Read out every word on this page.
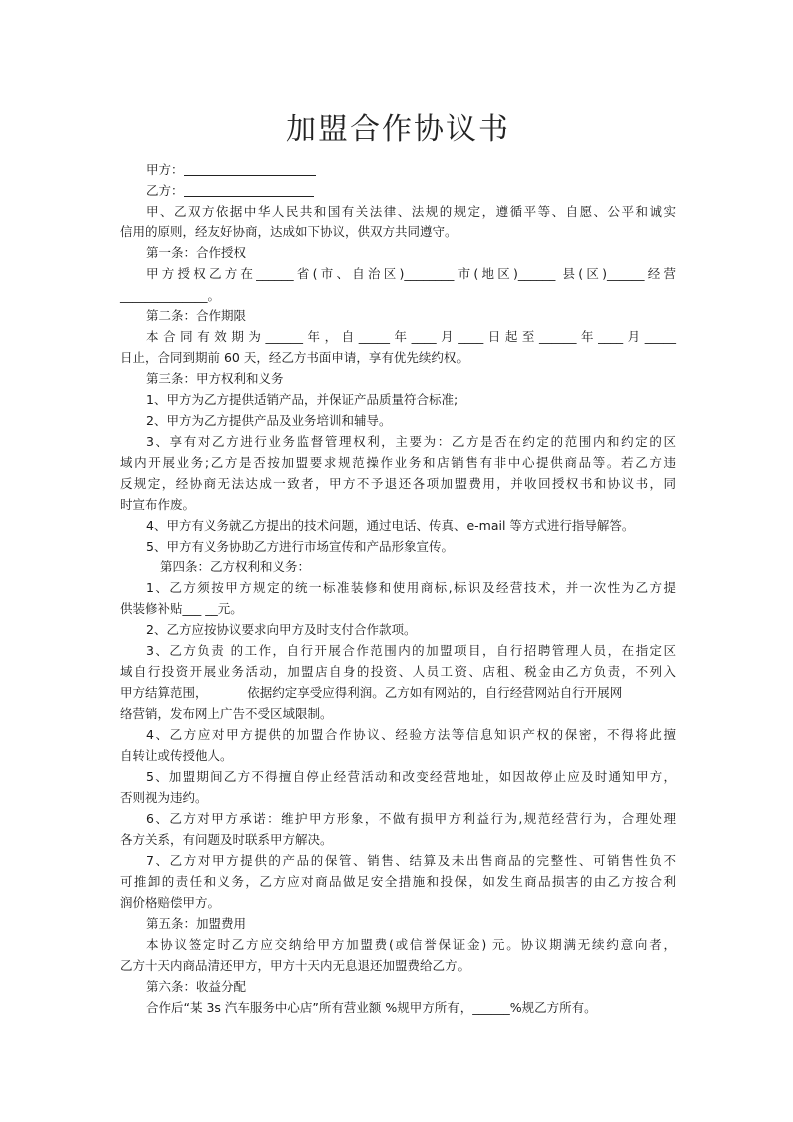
加盟合作协议书
甲方：
乙方：
甲、乙双方依据中华人民共和国有关法律、法规的规定，遵循平等、自愿、公平和诚实
信用的原则，经友好协商，达成如下协议，供双方共同遵守。
第一条：合作授权
甲方授权乙方在______省(市、自治区)________市(地区)______ 县(区)______经营
______________。
第二条：合作期限
本合同有效期为______年，自_____年____月____日起至______年____月_____
日止，合同到期前 60 天，经乙方书面申请，享有优先续约权。
第三条：甲方权利和义务
1、甲方为乙方提供适销产品，并保证产品质量符合标准;
2、甲方为乙方提供产品及业务培训和辅导。
3、享有对乙方进行业务监督管理权利，主要为：乙方是否在约定的范围内和约定的区
域内开展业务;乙方是否按加盟要求规范操作业务和店销售有非中心提供商品等。若乙方违
反规定，经协商无法达成一致者，甲方不予退还各项加盟费用，并收回授权书和协议书，同
时宣布作废。
4、甲方有义务就乙方提出的技术问题，通过电话、传真、e-mail 等方式进行指导解答。
5、甲方有义务协助乙方进行市场宣传和产品形象宣传。
第四条：乙方权利和义务：
1、乙方须按甲方规定的统一标准装修和使用商标,标识及经营技术，并一次性为乙方提
供装修补贴___ __元。
2、乙方应按协议要求向甲方及时支付合作款项。
3、乙方负责 的工作，自行开展合作范围内的加盟项目，自行招聘管理人员，在指定区
域自行投资开展业务活动，加盟店自身的投资、人员工资、店租、税金由乙方负责，不列入
甲方结算范围，          依据约定享受应得利润。乙方如有网站的，自行经营网站自行开展网
络营销，发布网上广告不受区域限制。
4、乙方应对甲方提供的加盟合作协议、经验方法等信息知识产权的保密，不得将此擅
自转让或传授他人。
5、加盟期间乙方不得擅自停止经营活动和改变经营地址，如因故停止应及时通知甲方，
否则视为违约。
6、乙方对甲方承诺：维护甲方形象，不做有损甲方利益行为,规范经营行为，合理处理
各方关系，有问题及时联系甲方解决。
7、乙方对甲方提供的产品的保管、销售、结算及未出售商品的完整性、可销售性负不
可推卸的责任和义务，乙方应对商品做足安全措施和投保，如发生商品损害的由乙方按合利
润价格赔偿甲方。
第五条：加盟费用
本协议签定时乙方应交纳给甲方加盟费(或信誉保证金) 元。协议期满无续约意向者，
乙方十天内商品清还甲方，甲方十天内无息退还加盟费给乙方。
第六条：收益分配
合作后“某 3s 汽车服务中心店”所有营业额 %规甲方所有，______%规乙方所有。
